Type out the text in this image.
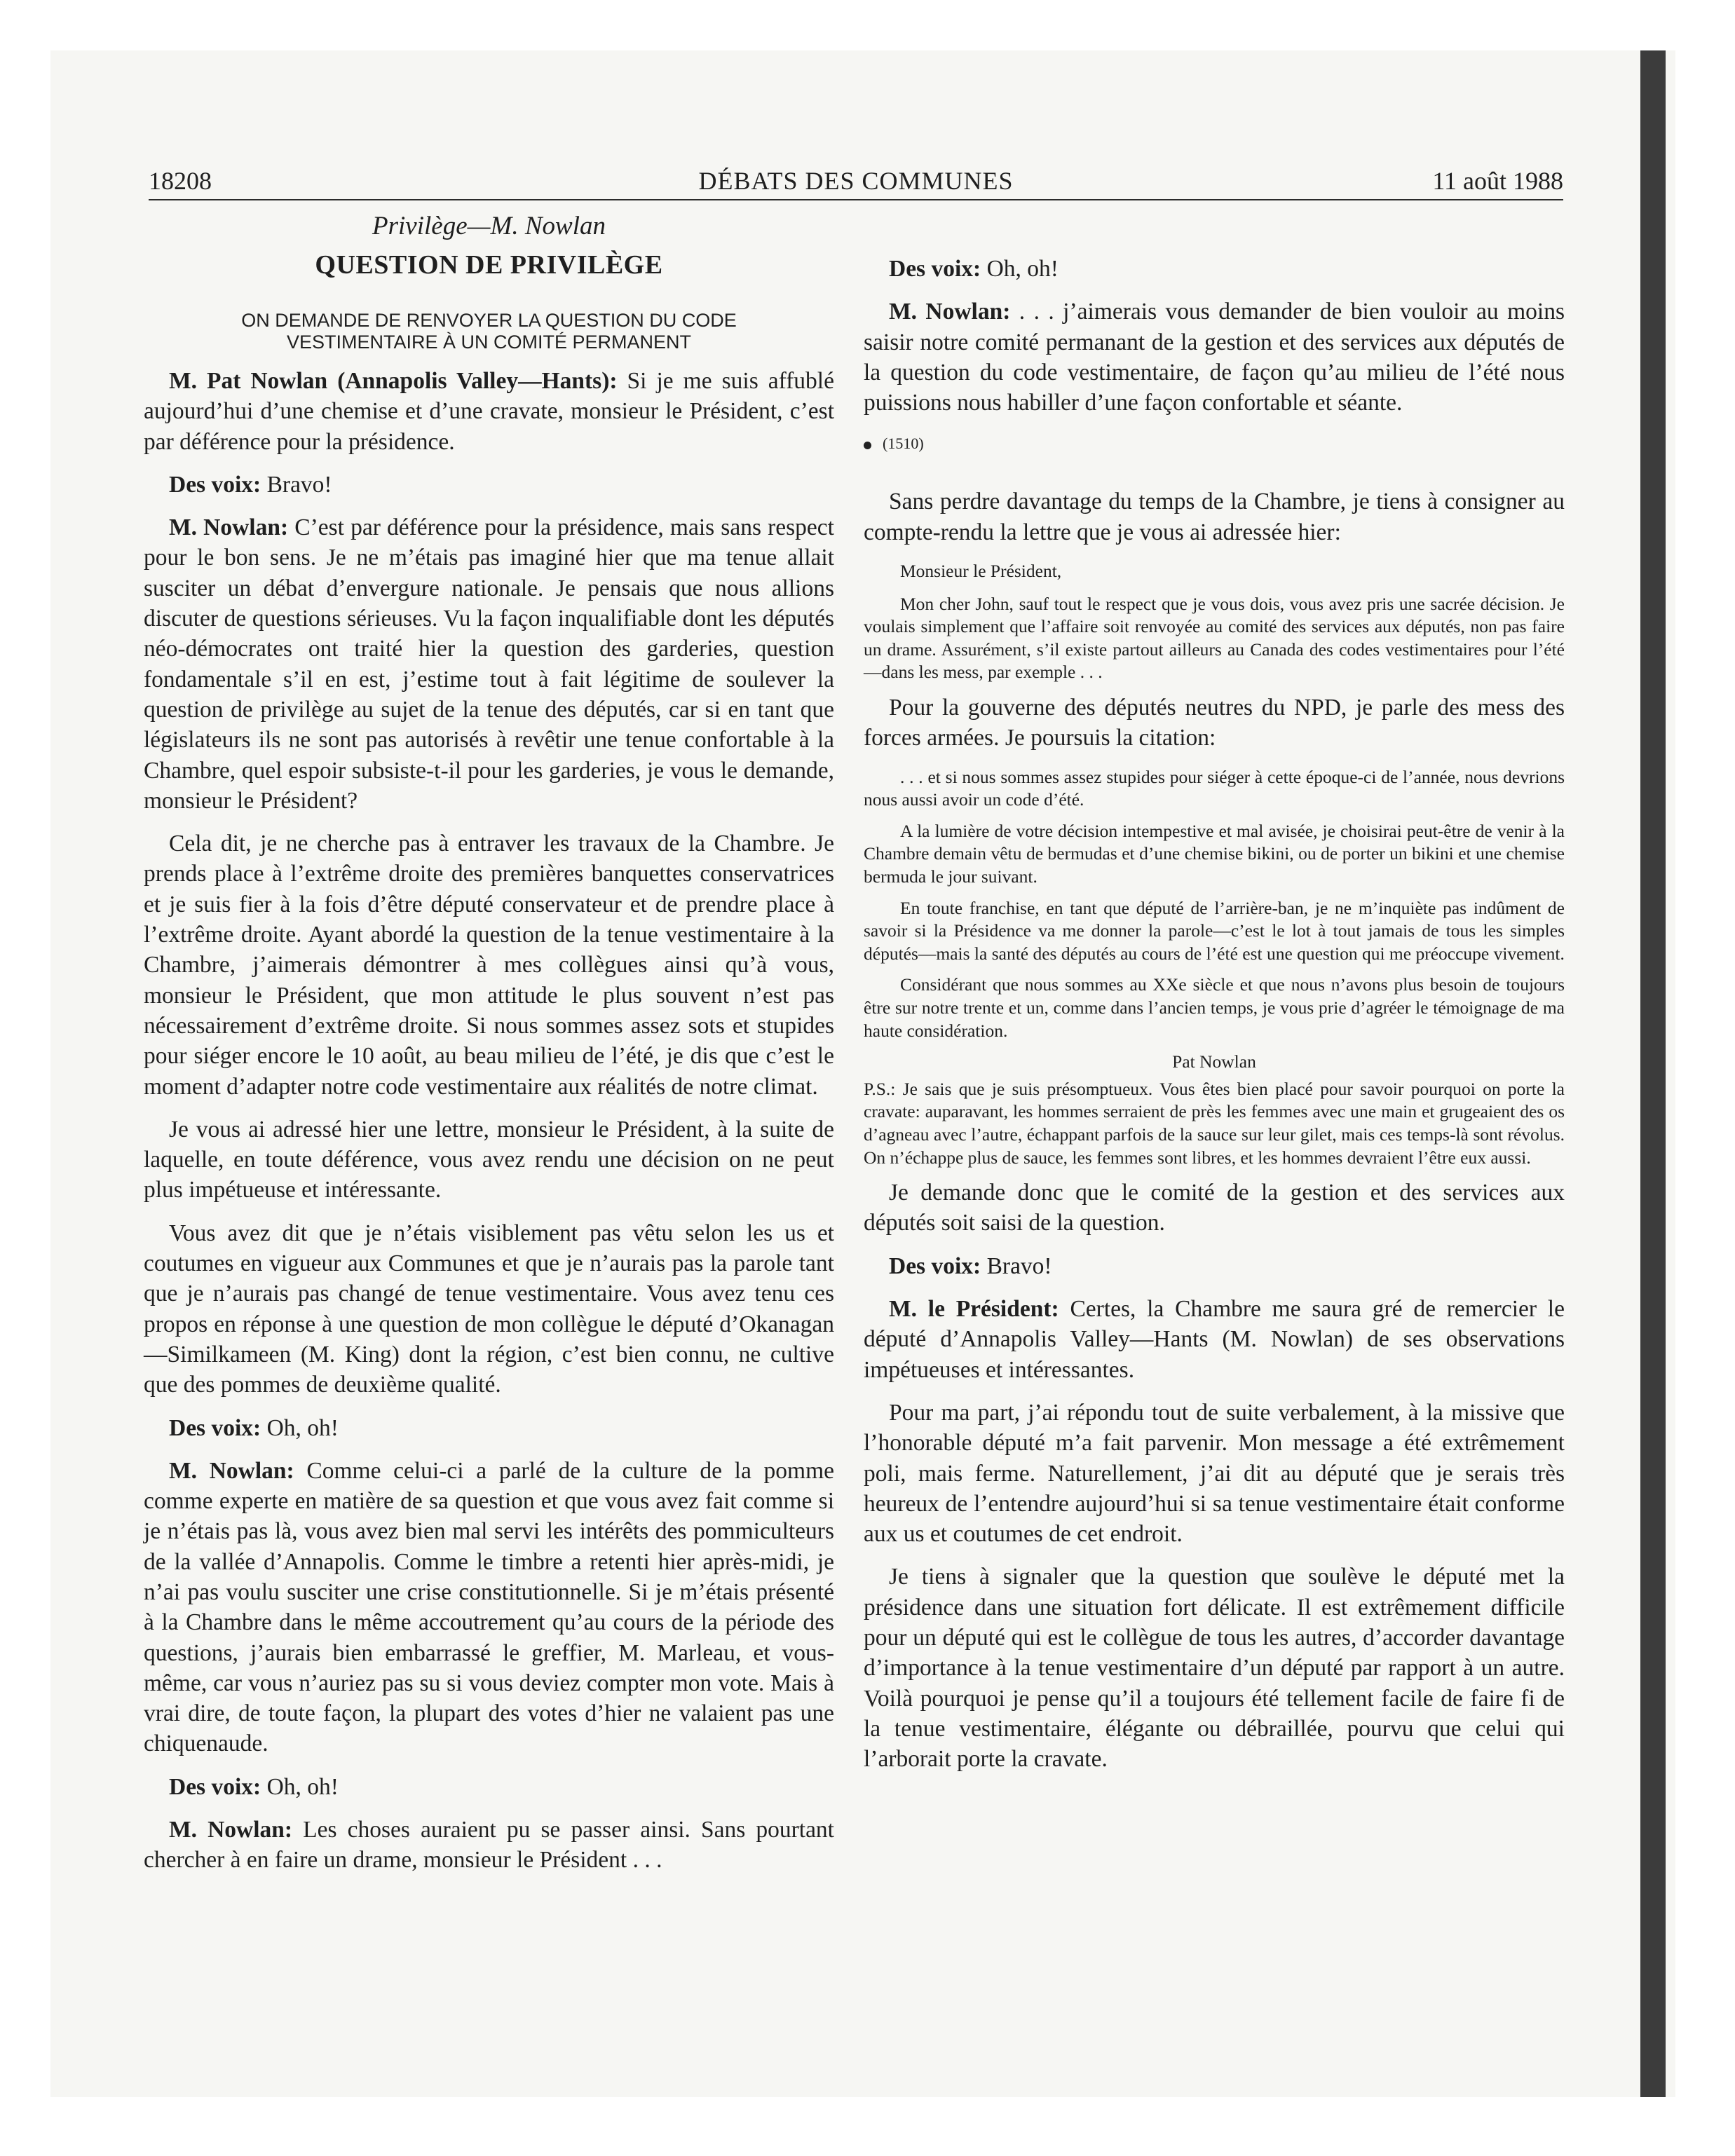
18208	DÉBATS DES COMMUNES	11 août 1988
Privilège—M. Nowlan
QUESTION DE PRIVILÈGE
ON DEMANDE DE RENVOYER LA QUESTION DU CODE VESTIMENTAIRE À UN COMITÉ PERMANENT

M. Pat Nowlan (Annapolis Valley—Hants): Si je me suis affublé aujourd’hui d’une chemise et d’une cravate, monsieur le Président, c’est par déférence pour la présidence.

Des voix: Bravo!

M. Nowlan: C’est par déférence pour la présidence, mais sans respect pour le bon sens. Je ne m’étais pas imaginé hier que ma tenue allait susciter un débat d’envergure nationale. Je pensais que nous allions discuter de questions sérieuses. Vu la façon inqualifiable dont les députés néo-démocrates ont traité hier la question des garderies, question fondamentale s’il en est, j’estime tout à fait légitime de soulever la question de privilège au sujet de la tenue des députés, car si en tant que législateurs ils ne sont pas autorisés à revêtir une tenue confortable à la Chambre, quel espoir subsiste-t-il pour les garderies, je vous le demande, monsieur le Président?

Cela dit, je ne cherche pas à entraver les travaux de la Chambre. Je prends place à l’extrême droite des premières banquettes conservatrices et je suis fier à la fois d’être député conservateur et de prendre place à l’extrême droite. Ayant abordé la question de la tenue vestimentaire à la Chambre, j’aimerais démontrer à mes collègues ainsi qu’à vous, monsieur le Président, que mon attitude le plus souvent n’est pas nécessairement d’extrême droite. Si nous sommes assez sots et stupides pour siéger encore le 10 août, au beau milieu de l’été, je dis que c’est le moment d’adapter notre code vestimentaire aux réalités de notre climat.

Je vous ai adressé hier une lettre, monsieur le Président, à la suite de laquelle, en toute déférence, vous avez rendu une décision on ne peut plus impétueuse et intéressante.

Vous avez dit que je n’étais visiblement pas vêtu selon les us et coutumes en vigueur aux Communes et que je n’aurais pas la parole tant que je n’aurais pas changé de tenue vestimentaire. Vous avez tenu ces propos en réponse à une question de mon collègue le député d’Okanagan—Similkameen (M. King) dont la région, c’est bien connu, ne cultive que des pommes de deuxième qualité.

Des voix: Oh, oh!

M. Nowlan: Comme celui-ci a parlé de la culture de la pomme comme experte en matière de sa question et que vous avez fait comme si je n’étais pas là, vous avez bien mal servi les intérêts des pommiculteurs de la vallée d’Annapolis. Comme le timbre a retenti hier après-midi, je n’ai pas voulu susciter une crise constitutionnelle. Si je m’étais présenté à la Chambre dans le même accoutrement qu’au cours de la période des questions, j’aurais bien embarrassé le greffier, M. Marleau, et vous-même, car vous n’auriez pas su si vous deviez compter mon vote. Mais à vrai dire, de toute façon, la plupart des votes d’hier ne valaient pas une chiquenaude.

Des voix: Oh, oh!

M. Nowlan: Les choses auraient pu se passer ainsi. Sans pourtant chercher à en faire un drame, monsieur le Président . . .

Des voix: Oh, oh!

M. Nowlan: . . . j’aimerais vous demander de bien vouloir au moins saisir notre comité permanant de la gestion et des services aux députés de la question du code vestimentaire, de façon qu’au milieu de l’été nous puissions nous habiller d’une façon confortable et séante.

(1510)

Sans perdre davantage du temps de la Chambre, je tiens à consigner au compte-rendu la lettre que je vous ai adressée hier:

Monsieur le Président,

Mon cher John, sauf tout le respect que je vous dois, vous avez pris une sacrée décision. Je voulais simplement que l’affaire soit renvoyée au comité des services aux députés, non pas faire un drame. Assurément, s’il existe partout ailleurs au Canada des codes vestimentaires pour l’été—dans les mess, par exemple . . .

Pour la gouverne des députés neutres du NPD, je parle des mess des forces armées. Je poursuis la citation:

. . . et si nous sommes assez stupides pour siéger à cette époque-ci de l’année, nous devrions nous aussi avoir un code d’été.

A la lumière de votre décision intempestive et mal avisée, je choisirai peut-être de venir à la Chambre demain vêtu de bermudas et d’une chemise bikini, ou de porter un bikini et une chemise bermuda le jour suivant.

En toute franchise, en tant que député de l’arrière-ban, je ne m’inquiète pas indûment de savoir si la Présidence va me donner la parole—c’est le lot à tout jamais de tous les simples députés—mais la santé des députés au cours de l’été est une question qui me préoccupe vivement.

Considérant que nous sommes au XXe siècle et que nous n’avons plus besoin de toujours être sur notre trente et un, comme dans l’ancien temps, je vous prie d’agréer le témoignage de ma haute considération.

Pat Nowlan

P.S.: Je sais que je suis présomptueux. Vous êtes bien placé pour savoir pourquoi on porte la cravate: auparavant, les hommes serraient de près les femmes avec une main et grugeaient des os d’agneau avec l’autre, échappant parfois de la sauce sur leur gilet, mais ces temps-là sont révolus. On n’échappe plus de sauce, les femmes sont libres, et les hommes devraient l’être eux aussi.

Je demande donc que le comité de la gestion et des services aux députés soit saisi de la question.

Des voix: Bravo!

M. le Président: Certes, la Chambre me saura gré de remercier le député d’Annapolis Valley—Hants (M. Nowlan) de ses observations impétueuses et intéressantes.

Pour ma part, j’ai répondu tout de suite verbalement, à la missive que l’honorable député m’a fait parvenir. Mon message a été extrêmement poli, mais ferme. Naturellement, j’ai dit au député que je serais très heureux de l’entendre aujourd’hui si sa tenue vestimentaire était conforme aux us et coutumes de cet endroit.

Je tiens à signaler que la question que soulève le député met la présidence dans une situation fort délicate. Il est extrêmement difficile pour un député qui est le collègue de tous les autres, d’accorder davantage d’importance à la tenue vestimentaire d’un député par rapport à un autre. Voilà pourquoi je pense qu’il a toujours été tellement facile de faire fi de la tenue vestimentaire, élégante ou débraillée, pourvu que celui qui l’arborait porte la cravate.
